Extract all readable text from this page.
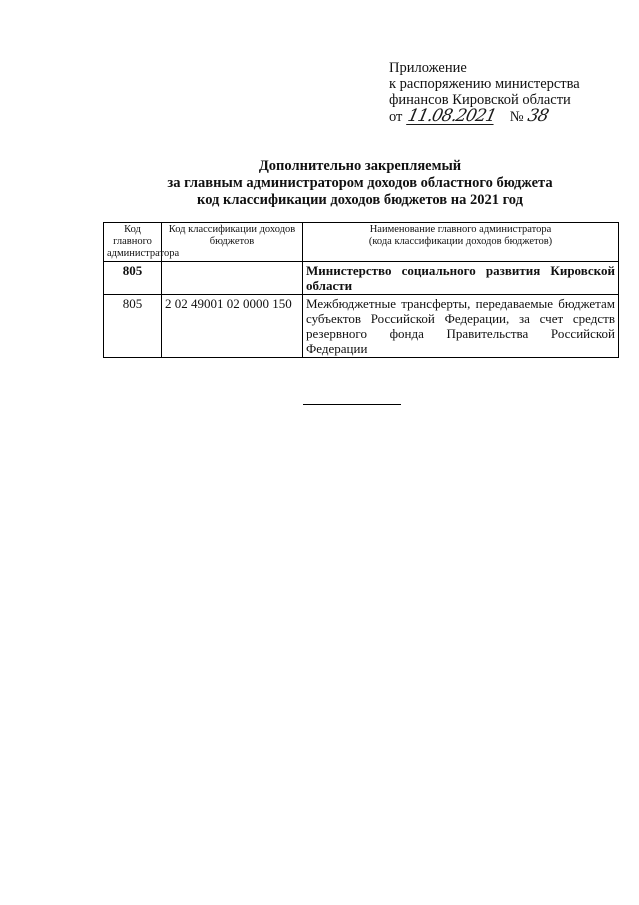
Приложение
к распоряжению министерства
финансов Кировской области
от 11.08.2021 № 38
Дополнительно закрепляемый
за главным администратором доходов областного бюджета
код классификации доходов бюджетов на 2021 год
Код главного администратора	Код классификации доходов бюджетов	Наименование главного администратора
(кода классификации доходов бюджетов)

805		Министерство социального развития Кировской области
805	2 02 49001 02 0000 150	Межбюджетные трансферты, передаваемые бюджетам субъектов Российской Федерации, за счет средств резервного фонда Правительства Российской Федерации
